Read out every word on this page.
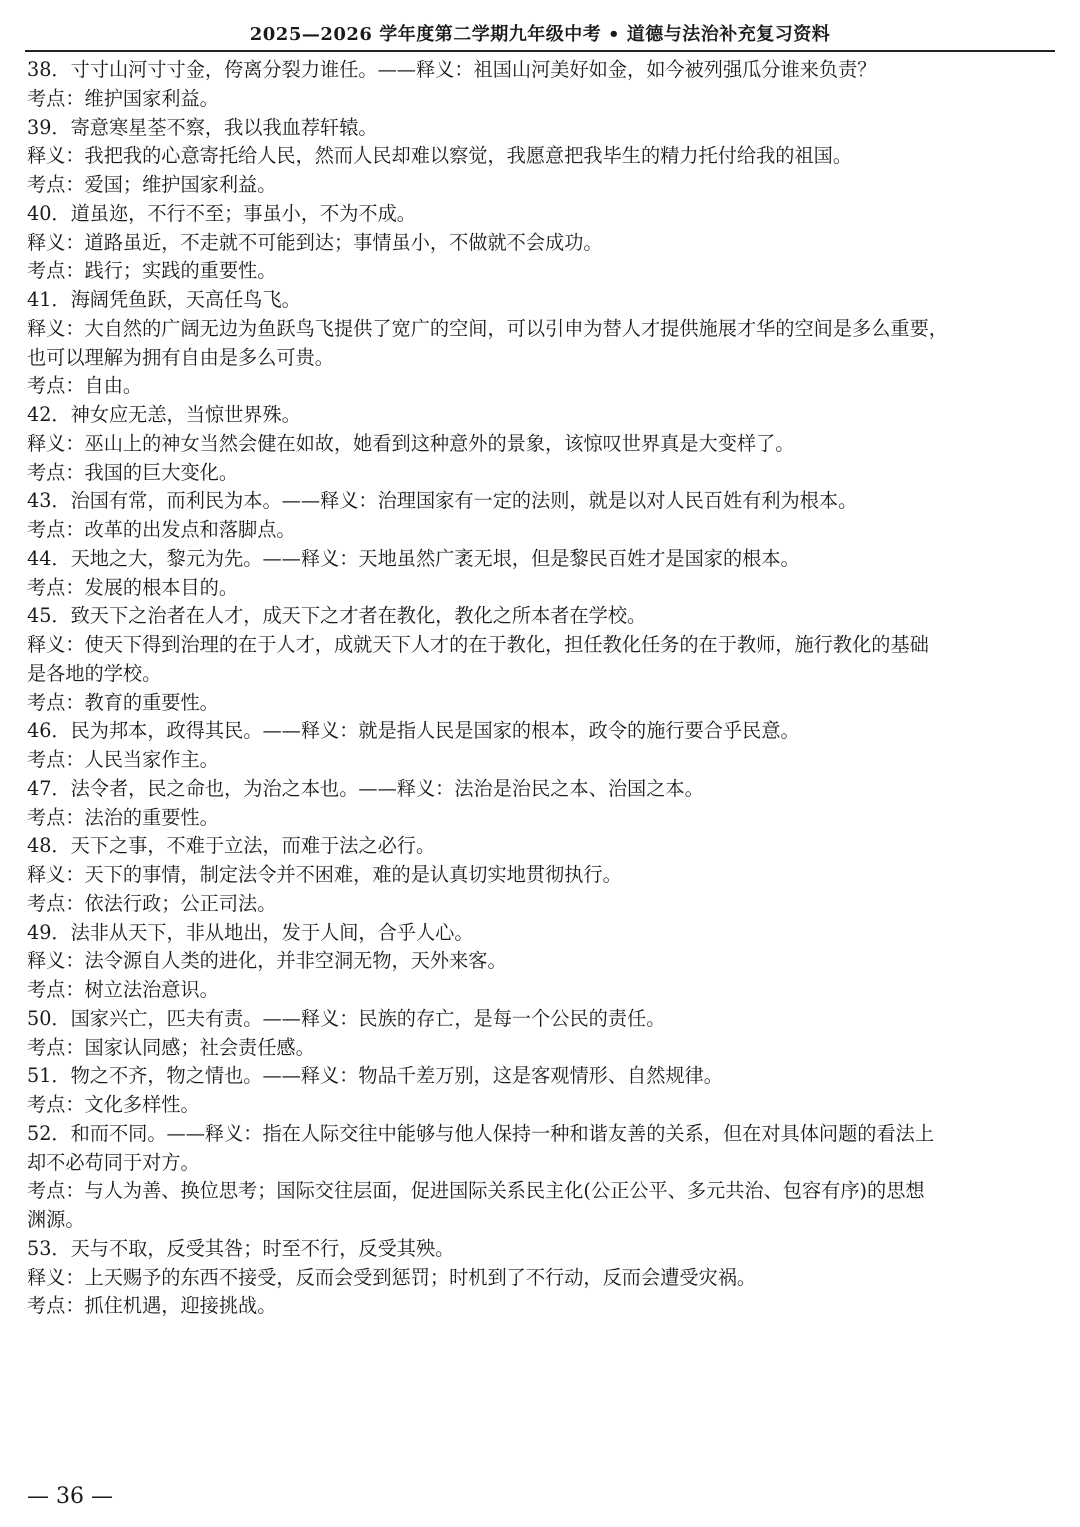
2025—2026 学年度第二学期九年级中考 • 道德与法治补充复习资料
38．寸寸山河寸寸金，侉离分裂力谁任。——释义：祖国山河美好如金，如今被列强瓜分谁来负责？
考点：维护国家利益。
39．寄意寒星荃不察，我以我血荐轩辕。
释义：我把我的心意寄托给人民，然而人民却难以察觉，我愿意把我毕生的精力托付给我的祖国。
考点：爱国；维护国家利益。
40．道虽迩，不行不至；事虽小，不为不成。
释义：道路虽近，不走就不可能到达；事情虽小，不做就不会成功。
考点：践行；实践的重要性。
41．海阔凭鱼跃，天高任鸟飞。
释义：大自然的广阔无边为鱼跃鸟飞提供了宽广的空间，可以引申为替人才提供施展才华的空间是多么重要，
也可以理解为拥有自由是多么可贵。
考点：自由。
42．神女应无恙，当惊世界殊。
释义：巫山上的神女当然会健在如故，她看到这种意外的景象，该惊叹世界真是大变样了。
考点：我国的巨大变化。
43．治国有常，而利民为本。——释义：治理国家有一定的法则，就是以对人民百姓有利为根本。
考点：改革的出发点和落脚点。
44．天地之大，黎元为先。——释义：天地虽然广袤无垠，但是黎民百姓才是国家的根本。
考点：发展的根本目的。
45．致天下之治者在人才，成天下之才者在教化，教化之所本者在学校。
释义：使天下得到治理的在于人才，成就天下人才的在于教化，担任教化任务的在于教师，施行教化的基础
是各地的学校。
考点：教育的重要性。
46．民为邦本，政得其民。——释义：就是指人民是国家的根本，政令的施行要合乎民意。
考点：人民当家作主。
47．法令者，民之命也，为治之本也。——释义：法治是治民之本、治国之本。
考点：法治的重要性。
48．天下之事，不难于立法，而难于法之必行。
释义：天下的事情，制定法令并不困难，难的是认真切实地贯彻执行。
考点：依法行政；公正司法。
49．法非从天下，非从地出，发于人间，合乎人心。
释义：法令源自人类的进化，并非空洞无物，天外来客。
考点：树立法治意识。
50．国家兴亡，匹夫有责。——释义：民族的存亡，是每一个公民的责任。
考点：国家认同感；社会责任感。
51．物之不齐，物之情也。——释义：物品千差万别，这是客观情形、自然规律。
考点：文化多样性。
52．和而不同。——释义：指在人际交往中能够与他人保持一种和谐友善的关系，但在对具体问题的看法上
却不必苟同于对方。
考点：与人为善、换位思考；国际交往层面，促进国际关系民主化(公正公平、多元共治、包容有序)的思想
渊源。
53．天与不取，反受其咎；时至不行，反受其殃。
释义：上天赐予的东西不接受，反而会受到惩罚；时机到了不行动，反而会遭受灾祸。
考点：抓住机遇，迎接挑战。
— 36 —
